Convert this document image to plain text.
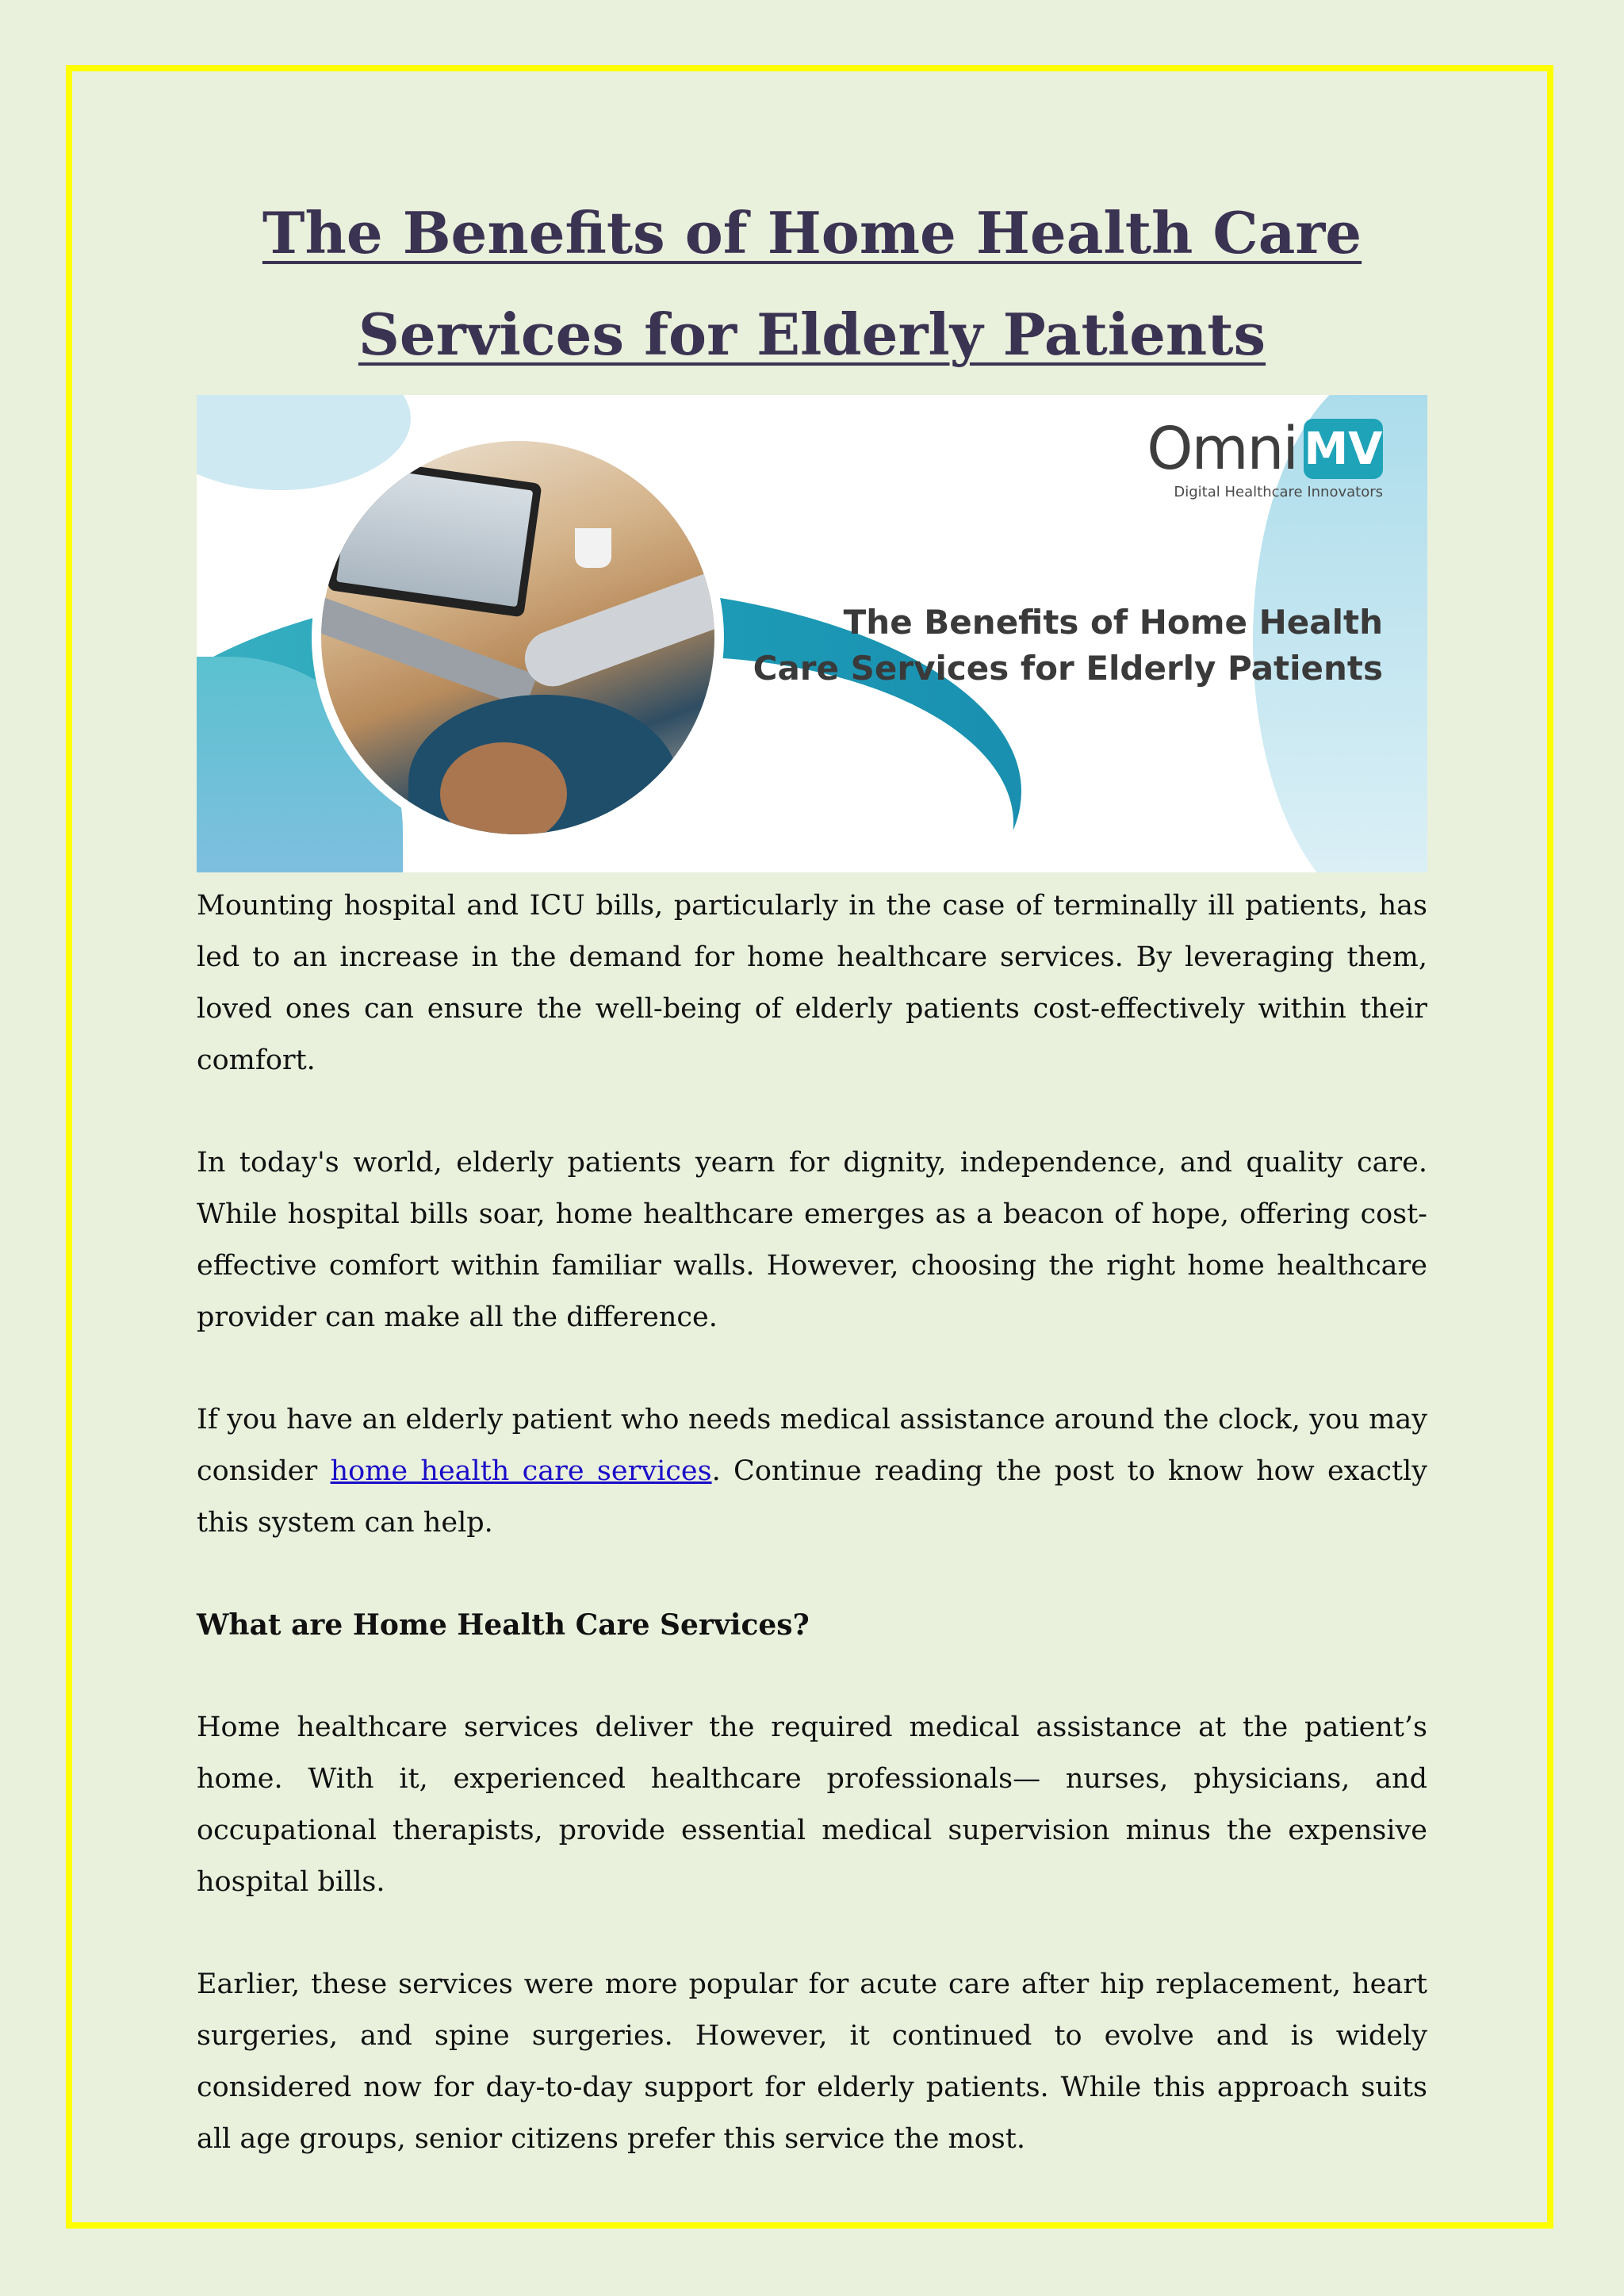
The Benefits of Home Health Care Services for Elderly Patients
Omni MV
Digital Healthcare Innovators
The Benefits of Home Health
Care Services for Elderly Patients

Mounting hospital and ICU bills, particularly in the case of terminally ill patients, has led to an increase in the demand for home healthcare services. By leveraging them, loved ones can ensure the well-being of elderly patients cost-effectively within their comfort.

In today's world, elderly patients yearn for dignity, independence, and quality care. While hospital bills soar, home healthcare emerges as a beacon of hope, offering cost-effective comfort within familiar walls. However, choosing the right home healthcare provider can make all the difference.

If you have an elderly patient who needs medical assistance around the clock, you may consider home health care services. Continue reading the post to know how exactly this system can help.

What are Home Health Care Services?

Home healthcare services deliver the required medical assistance at the patient’s home. With it, experienced healthcare professionals— nurses, physicians, and occupational therapists, provide essential medical supervision minus the expensive hospital bills.

Earlier, these services were more popular for acute care after hip replacement, heart surgeries, and spine surgeries. However, it continued to evolve and is widely considered now for day-to-day support for elderly patients. While this approach suits all age groups, senior citizens prefer this service the most.
